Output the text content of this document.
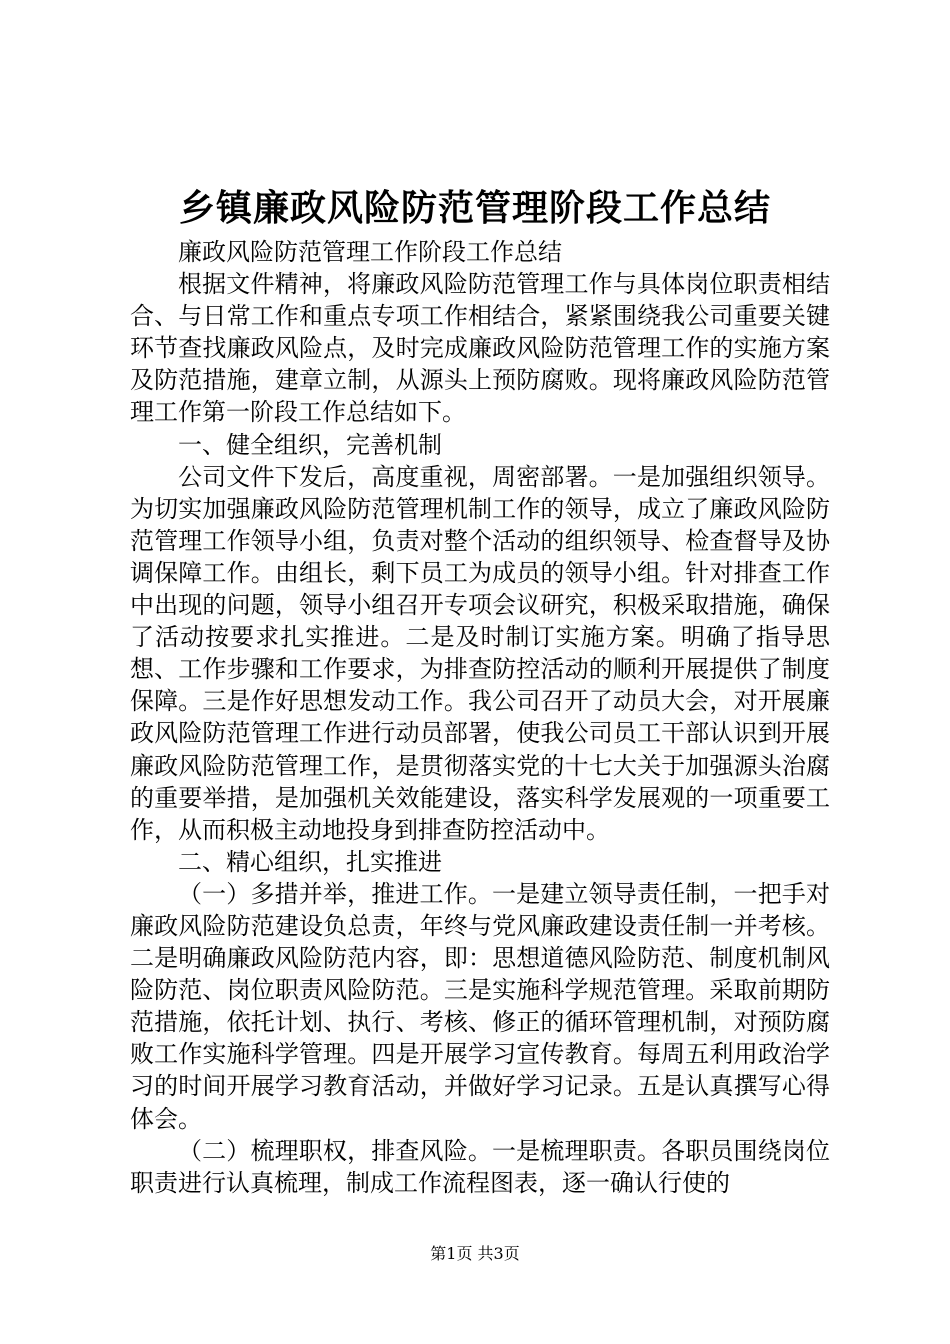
乡镇廉政风险防范管理阶段工作总结

廉政风险防范管理工作阶段工作总结

根据文件精神，将廉政风险防范管理工作与具体岗位职责相结合、与日常工作和重点专项工作相结合，紧紧围绕我公司重要关键环节查找廉政风险点，及时完成廉政风险防范管理工作的实施方案及防范措施，建章立制，从源头上预防腐败。现将廉政风险防范管理工作第一阶段工作总结如下。

一、健全组织，完善机制

公司文件下发后，高度重视，周密部署。一是加强组织领导。为切实加强廉政风险防范管理机制工作的领导，成立了廉政风险防范管理工作领导小组，负责对整个活动的组织领导、检查督导及协调保障工作。由组长，剩下员工为成员的领导小组。针对排查工作中出现的问题，领导小组召开专项会议研究，积极采取措施，确保了活动按要求扎实推进。二是及时制订实施方案。明确了指导思想、工作步骤和工作要求，为排查防控活动的顺利开展提供了制度保障。三是作好思想发动工作。我公司召开了动员大会，对开展廉政风险防范管理工作进行动员部署，使我公司员工干部认识到开展廉政风险防范管理工作，是贯彻落实党的十七大关于加强源头治腐的重要举措，是加强机关效能建设，落实科学发展观的一项重要工作，从而积极主动地投身到排查防控活动中。

二、精心组织，扎实推进

（一）多措并举，推进工作。一是建立领导责任制，一把手对廉政风险防范建设负总责，年终与党风廉政建设责任制一并考核。二是明确廉政风险防范内容，即：思想道德风险防范、制度机制风险防范、岗位职责风险防范。三是实施科学规范管理。采取前期防范措施，依托计划、执行、考核、修正的循环管理机制，对预防腐败工作实施科学管理。四是开展学习宣传教育。每周五利用政治学习的时间开展学习教育活动，并做好学习记录。五是认真撰写心得体会。

（二）梳理职权，排查风险。一是梳理职责。各职员围绕岗位职责进行认真梳理，制成工作流程图表，逐一确认行使的

第1页 共3页
